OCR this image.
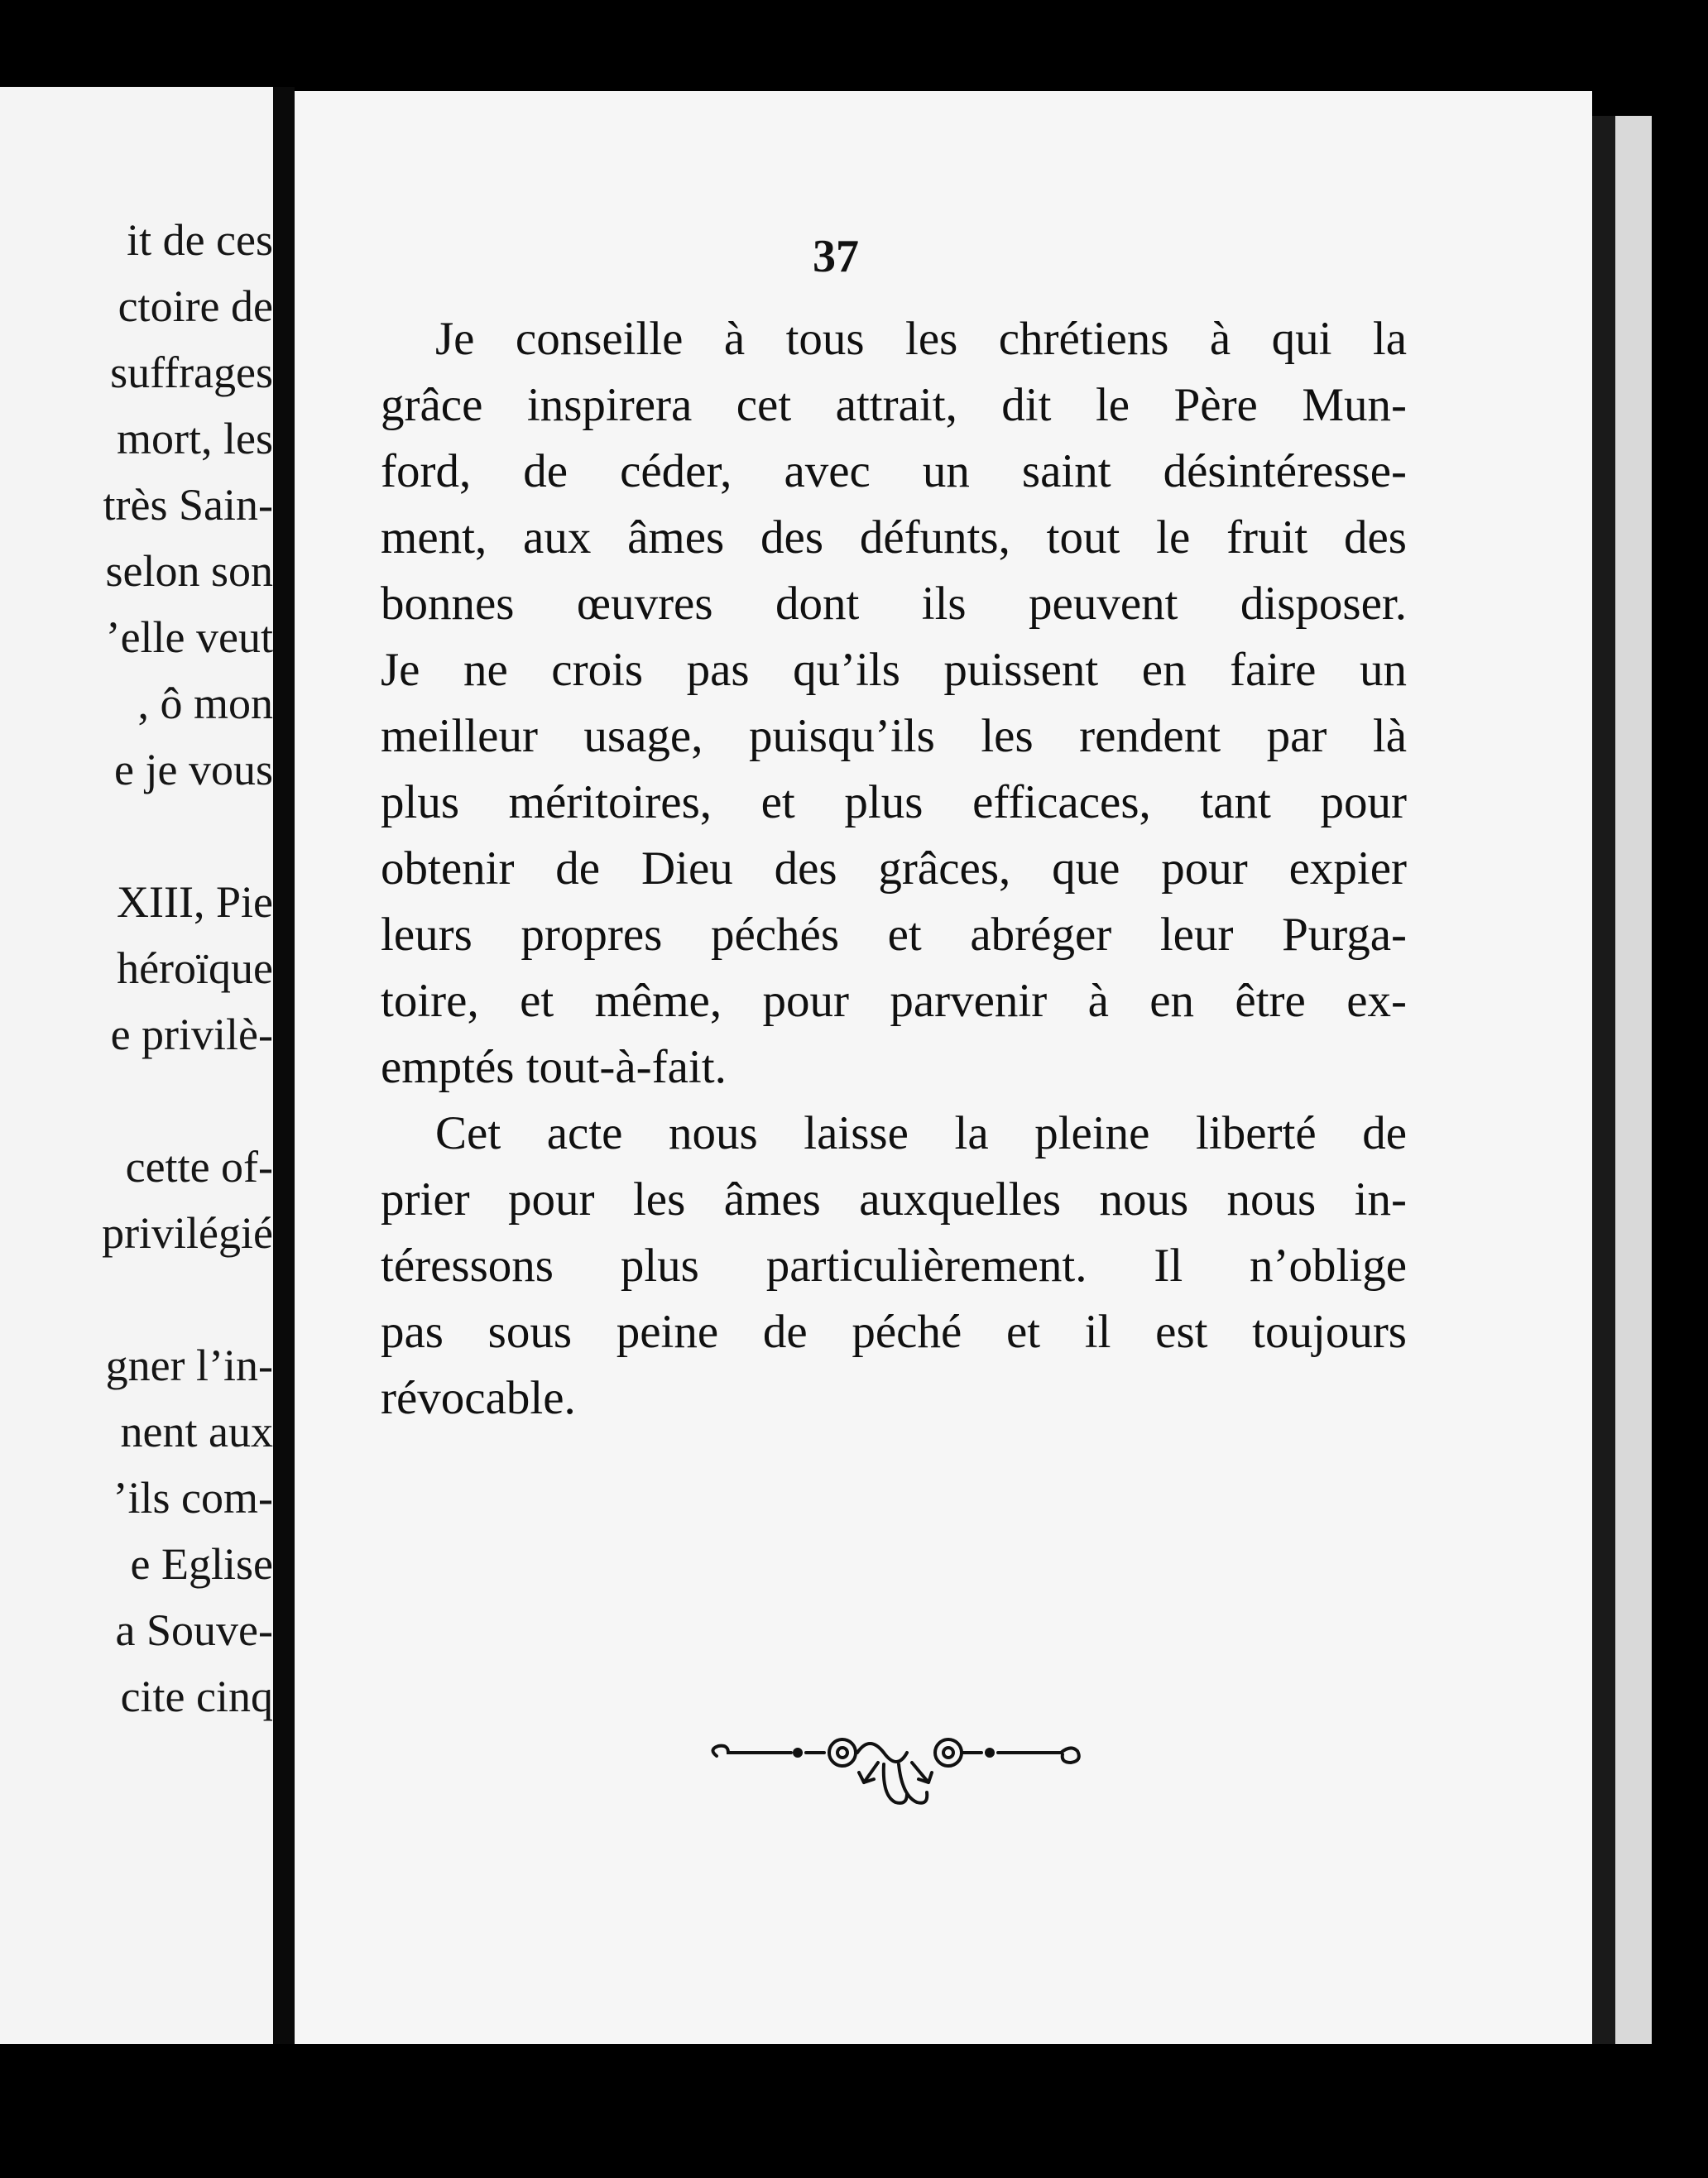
it de ces
ctoire de
suffrages
mort, les
très Sain-
selon son
’elle veut
, ô mon
e je vous
XIII, Pie
héroïque
e privilè-
cette of-
privilégié
gner l’in-
nent aux
’ils com-
e Eglise
a Souve-
cite cinq
37
Je conseille à tous les chrétiens à qui la
grâce inspirera cet attrait, dit le Père Mun-
ford, de céder, avec un saint désintéresse-
ment, aux âmes des défunts, tout le fruit des
bonnes œuvres dont ils peuvent disposer.
Je ne crois pas qu’ils puissent en faire un
meilleur usage, puisqu’ils les rendent par là
plus méritoires, et plus efficaces, tant pour
obtenir de Dieu des grâces, que pour expier
leurs propres péchés et abréger leur Purga-
toire, et même, pour parvenir à en être ex-
emptés tout-à-fait.
Cet acte nous laisse la pleine liberté de
prier pour les âmes auxquelles nous nous in-
téressons plus particulièrement. Il n’oblige
pas sous peine de péché et il est toujours
révocable.
